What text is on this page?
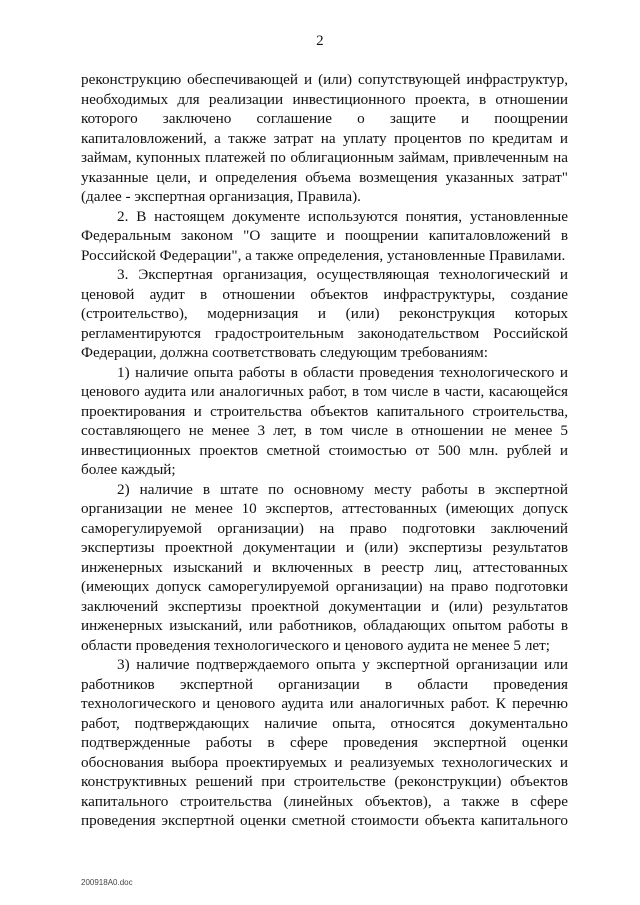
2

реконструкцию обеспечивающей и (или) сопутствующей инфраструктур, необходимых для реализации инвестиционного проекта, в отношении которого заключено соглашение о защите и поощрении капиталовложений, а также затрат на уплату процентов по кредитам и займам, купонных платежей по облигационным займам, привлеченным на указанные цели, и определения объема возмещения указанных затрат" (далее - экспертная организация, Правила).

2. В настоящем документе используются понятия, установленные Федеральным законом "О защите и поощрении капиталовложений в Российской Федерации", а также определения, установленные Правилами.

3. Экспертная организация, осуществляющая технологический и ценовой аудит в отношении объектов инфраструктуры, создание (строительство), модернизация и (или) реконструкция которых регламентируются градостроительным законодательством Российской Федерации, должна соответствовать следующим требованиям:

1) наличие опыта работы в области проведения технологического и ценового аудита или аналогичных работ, в том числе в части, касающейся проектирования и строительства объектов капитального строительства, составляющего не менее 3 лет, в том числе в отношении не менее 5 инвестиционных проектов сметной стоимостью от 500 млн. рублей и более каждый;

2) наличие в штате по основному месту работы в экспертной организации не менее 10 экспертов, аттестованных (имеющих допуск саморегулируемой организации) на право подготовки заключений экспертизы проектной документации и (или) экспертизы результатов инженерных изысканий и включенных в реестр лиц, аттестованных (имеющих допуск саморегулируемой организации) на право подготовки заключений экспертизы проектной документации и (или) результатов инженерных изысканий, или работников, обладающих опытом работы в области проведения технологического и ценового аудита не менее 5 лет;

3) наличие подтверждаемого опыта у экспертной организации или работников экспертной организации в области проведения технологического и ценового аудита или аналогичных работ. К перечню работ, подтверждающих наличие опыта, относятся документально подтвержденные работы в сфере проведения экспертной оценки обоснования выбора проектируемых и реализуемых технологических и конструктивных решений при строительстве (реконструкции) объектов капитального строительства (линейных объектов), а также в сфере проведения экспертной оценки сметной стоимости объекта капитального

200918A0.doc
